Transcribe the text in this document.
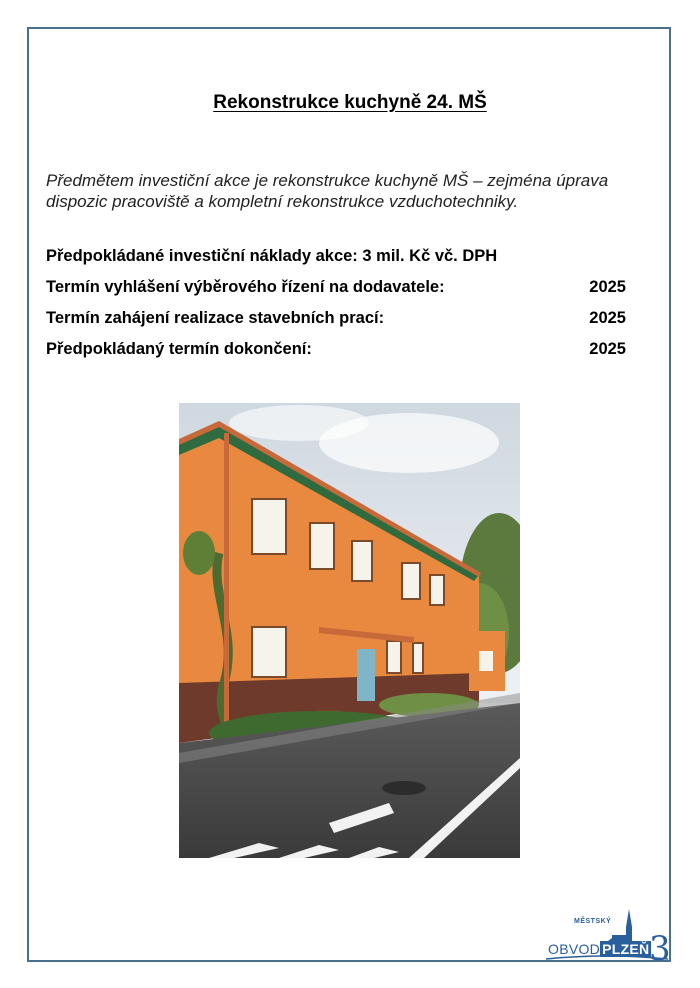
Rekonstrukce kuchyně 24. MŠ
Předmětem investiční akce je rekonstrukce kuchyně MŠ – zejména úprava dispozic pracoviště a kompletní rekonstrukce vzduchotechniky.
Předpokládané investiční náklady akce: 3 mil. Kč vč. DPH
Termín vyhlášení výběrového řízení na dodavatele:	2025
Termín zahájení realizace stavebních prací:	2025
Předpokládaný termín dokončení:	2025
MĚSTSKÝ
OBVOD PLZEŇ 3
